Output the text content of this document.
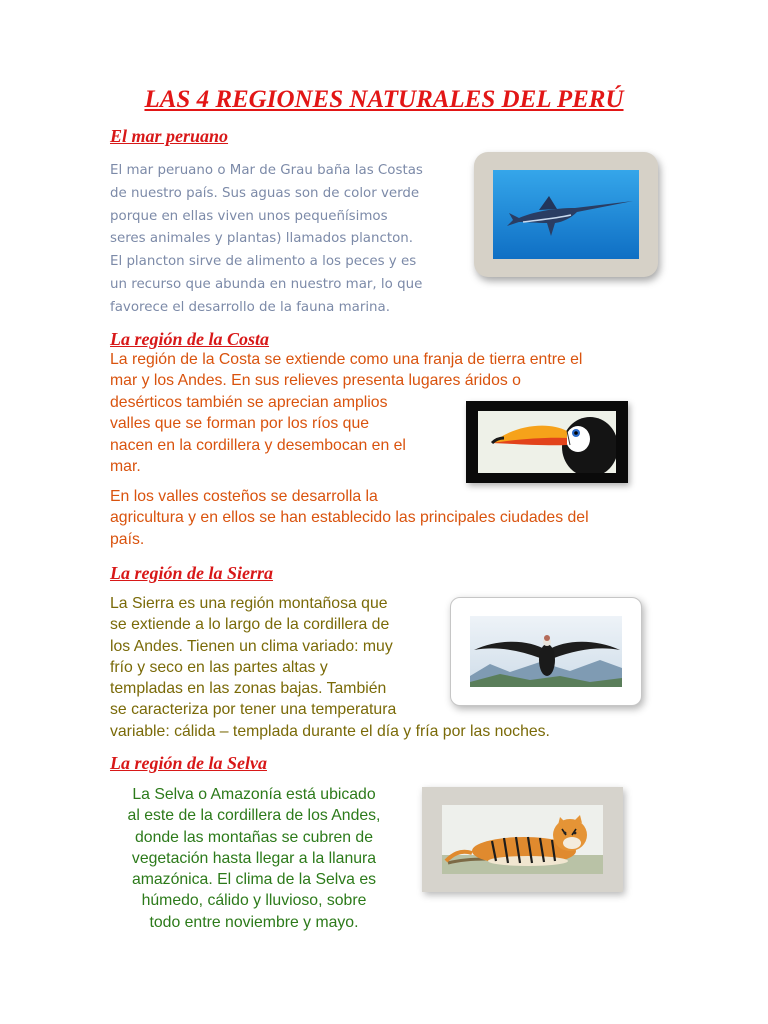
LAS 4 REGIONES NATURALES DEL PERÚ
El mar peruano
El mar peruano o Mar de Grau baña las Costas
de nuestro país. Sus aguas son de color verde
porque en ellas viven unos pequeñísimos
seres animales y plantas) llamados plancton.
El plancton sirve de alimento a los peces y es
un recurso que abunda en nuestro mar, lo que
favorece el desarrollo de la fauna marina.
La región de la Costa
La región de la Costa se extiende como una franja de tierra entre el
mar y los Andes. En sus relieves presenta lugares áridos o
desérticos también se aprecian amplios
valles que se forman por los ríos que
nacen en la cordillera y desembocan en el
mar.
En los valles costeños se desarrolla la
agricultura y en ellos se han establecido las principales ciudades del
país.
La región de la Sierra
La Sierra es una región montañosa que
se extiende a lo largo de la cordillera de
los Andes. Tienen un clima variado: muy
frío y seco en las partes altas y
templadas en las zonas bajas. También
se caracteriza por tener una temperatura
variable: cálida – templada durante el día y fría por las noches.
La región de la Selva
La Selva o Amazonía está ubicado
al este de la cordillera de los Andes,
donde las montañas se cubren de
vegetación hasta llegar a la llanura
amazónica. El clima de la Selva es
húmedo, cálido y lluvioso, sobre
todo entre noviembre y mayo.
